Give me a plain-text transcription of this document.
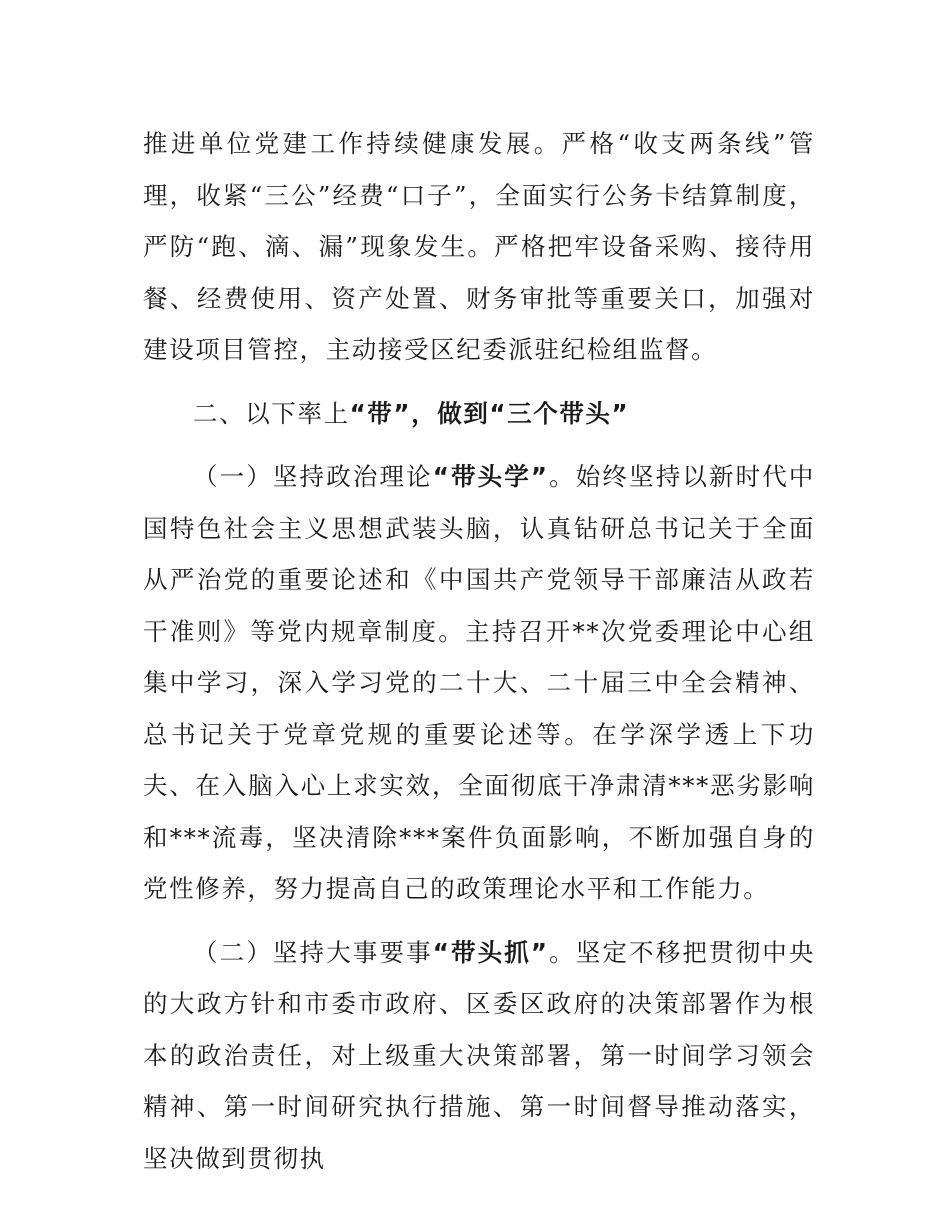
推进单位党建工作持续健康发展。严格“收支两条线”管理，收紧“三公”经费“口子”，全面实行公务卡结算制度，严防“跑、滴、漏”现象发生。严格把牢设备采购、接待用餐、经费使用、资产处置、财务审批等重要关口，加强对建设项目管控，主动接受区纪委派驻纪检组监督。

二、以下率上“带”，做到“三个带头”

（一）坚持政治理论“带头学”。始终坚持以新时代中国特色社会主义思想武装头脑，认真钻研总书记关于全面从严治党的重要论述和《中国共产党领导干部廉洁从政若干准则》等党内规章制度。主持召开**次党委理论中心组集中学习，深入学习党的二十大、二十届三中全会精神、总书记关于党章党规的重要论述等。在学深学透上下功夫、在入脑入心上求实效，全面彻底干净肃清***恶劣影响和***流毒，坚决清除***案件负面影响，不断加强自身的党性修养，努力提高自己的政策理论水平和工作能力。

（二）坚持大事要事“带头抓”。坚定不移把贯彻中央的大政方针和市委市政府、区委区政府的决策部署作为根本的政治责任，对上级重大决策部署，第一时间学习领会精神、第一时间研究执行措施、第一时间督导推动落实，坚决做到贯彻执
